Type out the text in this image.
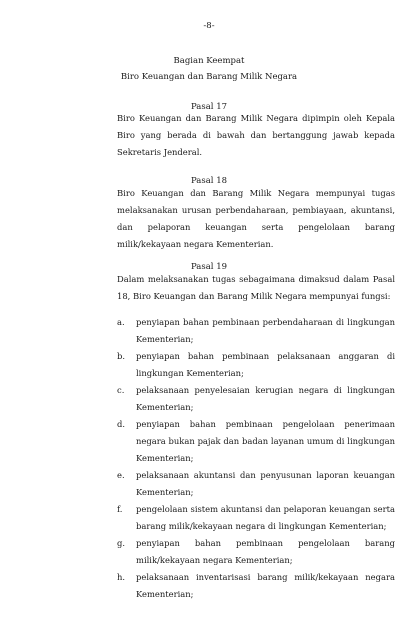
-8-
Bagian Keempat
Biro Keuangan dan Barang Milik Negara
Pasal 17

Biro Keuangan dan Barang Milik Negara dipimpin oleh Kepala Biro yang berada di bawah dan bertanggung jawab kepada Sekretaris Jenderal.

Pasal 18

Biro Keuangan dan Barang Milik Negara mempunyai tugas melaksanakan urusan perbendaharaan, pembiayaan, akuntansi, dan pelaporan keuangan serta pengelolaan barang milik/kekayaan negara Kementerian.

Pasal 19

Dalam melaksanakan tugas sebagaimana dimaksud dalam Pasal 18, Biro Keuangan dan Barang Milik Negara mempunyai fungsi:

a.	penyiapan bahan pembinaan perbendaharaan di lingkungan Kementerian;
b.	penyiapan bahan pembinaan pelaksanaan anggaran di lingkungan Kementerian;
c.	pelaksanaan penyelesaian kerugian negara di lingkungan Kementerian;
d.	penyiapan bahan pembinaan pengelolaan penerimaan negara bukan pajak dan badan layanan umum di lingkungan Kementerian;
e.	pelaksanaan akuntansi dan penyusunan laporan keuangan Kementerian;
f.	pengelolaan sistem akuntansi dan pelaporan keuangan serta barang milik/kekayaan negara di lingkungan Kementerian;
g.	penyiapan bahan pembinaan pengelolaan barang milik/kekayaan negara Kementerian;
h.	pelaksanaan inventarisasi barang milik/kekayaan negara Kementerian;
